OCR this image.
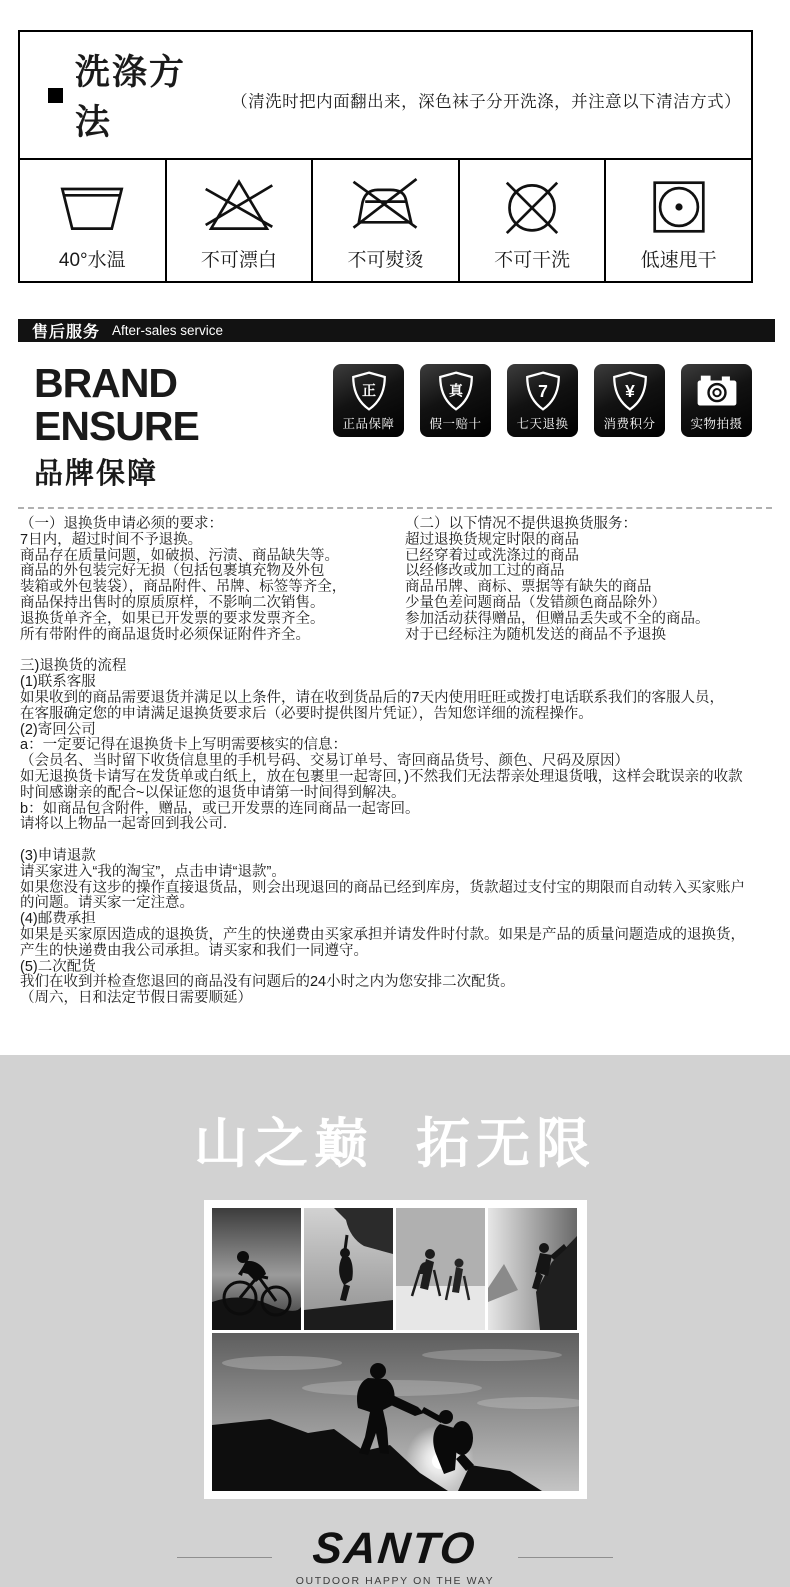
洗涤方法
（清洗时把内面翻出来，深色袜子分开洗涤，并注意以下清洁方式）
40°水温	不可漂白	不可熨烫	不可干洗	低速甩干
售后服务 After-sales service
BRAND ENSURE
品牌保障
正
正品保障
真
假一赔十
7
七天退换
¥
消费积分	实物拍摄
（一）退换货申请必须的要求：
7日内，超过时间不予退换。
商品存在质量问题，如破损、污渍、商品缺失等。
商品的外包装完好无损（包括包裹填充物及外包
装箱或外包装袋），商品附件、吊牌、标签等齐全，
商品保持出售时的原质原样，不影响二次销售。
退换货单齐全，如果已开发票的要求发票齐全。
所有带附件的商品退货时必须保证附件齐全。
（二）以下情况不提供退换货服务：
超过退换货规定时限的商品
已经穿着过或洗涤过的商品
以经修改或加工过的商品
商品吊牌、商标、票据等有缺失的商品
少量色差问题商品（发错颜色商品除外）
参加活动获得赠品，但赠品丢失或不全的商品。
对于已经标注为随机发送的商品不予退换
三)退换货的流程
(1)联系客服
如果收到的商品需要退货并满足以上条件，请在收到货品后的7天内使用旺旺或拨打电话联系我们的客服人员，
在客服确定您的申请满足退换货要求后（必要时提供图片凭证），告知您详细的流程操作。
(2)寄回公司
a：一定要记得在退换货卡上写明需要核实的信息：
（会员名、当时留下收货信息里的手机号码、交易订单号、寄回商品货号、颜色、尺码及原因）
如无退换货卡请写在发货单或白纸上，放在包裹里一起寄回，)不然我们无法帮亲处理退货哦，这样会耽误亲的收款
时间感谢亲的配合~以保证您的退货申请第一时间得到解决。
b：如商品包含附件，赠品，或已开发票的连同商品一起寄回。
请将以上物品一起寄回到我公司.
(3)申请退款
请买家进入“我的淘宝”，点击申请“退款”。
如果您没有这步的操作直接退货品，则会出现退回的商品已经到库房，货款超过支付宝的期限而自动转入买家账户
的问题。请买家一定注意。
(4)邮费承担
如果是买家原因造成的退换货，产生的快递费由买家承担并请发件时付款。如果是产品的质量问题造成的退换货，
产生的快递费由我公司承担。请买家和我们一同遵守。
(5)二次配货
我们在收到并检查您退回的商品没有问题后的24小时之内为您安排二次配货。
（周六，日和法定节假日需要顺延）
山之巅  拓无限
SANTO
OUTDOOR HAPPY ON THE WAY
